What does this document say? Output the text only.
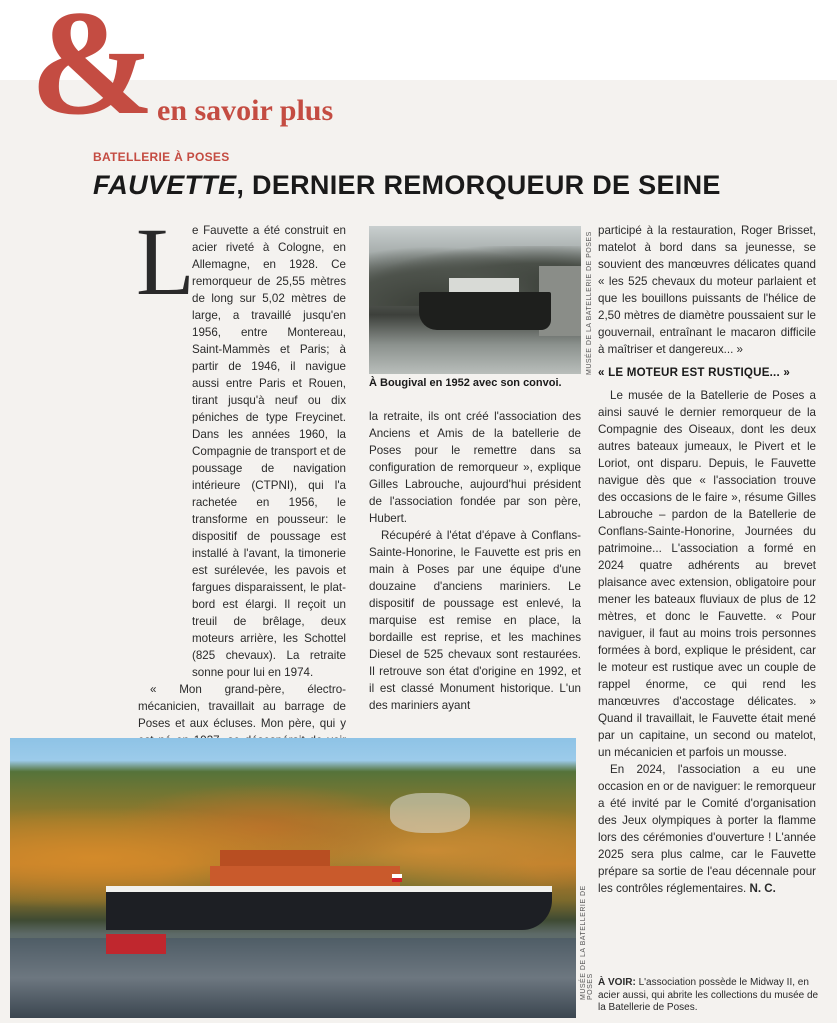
& en savoir plus
BATELLERIE À POSES
FAUVETTE, DERNIER REMORQUEUR DE SEINE
L

e Fauvette a été construit en acier riveté à Cologne, en Allemagne, en 1928. Ce remorqueur de 25,55 mètres de long sur 5,02 mètres de large, a travaillé jusqu'en 1956, entre Montereau, Saint-Mammès et Paris; à partir de 1946, il navigue aussi entre Paris et Rouen, tirant jusqu'à neuf ou dix péniches de type Freycinet. Dans les années 1960, la Compagnie de transport et de poussage de navigation intérieure (CTPNI), qui l'a rachetée en 1956, le transforme en pousseur: le dispositif de poussage est installé à l'avant, la timonerie est surélevée, les pavois et fargues disparaissent, le plat-bord est élargi. Il reçoit un treuil de brêlage, deux moteurs arrière, les Schottel (825 chevaux). La retraite sonne pour lui en 1974.

« Mon grand-père, électro-mécanicien, travaillait au barrage de Poses et aux écluses. Mon père, qui y

MUSÉE DE LA BATELLERIE DE POSES
À Bougival en 1952 avec son convoi.

la retraite, ils ont créé l'association des Anciens et Amis de la batellerie de Poses pour le remettre dans sa configuration de remorqueur », explique Gilles Labrouche, aujourd'hui président de l'association fondée par son père, Hubert.

Récupéré à l'état d'épave à Conflans-Sainte-Honorine, le Fauvette est pris en main à Poses par une équipe d'une douzaine d'anciens mariniers. Le dispositif de poussage est enlevé, la marquise est remise en place, la bordaille est reprise, et les machines Diesel de 525 chevaux sont restaurées. Il retrouve son état d'origine en 1992, et il est classé Monument historique. L'un des mariniers ayant

participé à la restauration, Roger Brisset, matelot à bord dans sa jeunesse, se souvient des manœuvres délicates quand « les 525 chevaux du moteur parlaient et que les bouillons puissants de l'hélice de 2,50 mètres de diamètre poussaient sur le gouvernail, entraînant le macaron difficile à maîtriser et dangereux... »

« LE MOTEUR EST RUSTIQUE... »

Le musée de la Batellerie de Poses a ainsi sauvé le dernier remorqueur de la Compagnie des Oiseaux, dont les deux autres bateaux jumeaux, le Pivert et le Loriot, ont disparu. Depuis, le Fauvette navigue dès que « l'association trouve des occasions de le faire », résume Gilles Labrouche – pardon de la Batellerie de Conflans-Sainte-Honorine, Journées du patrimoine... L'association a formé en 2024 quatre adhérents au brevet plaisance avec extension, obligatoire pour mener les bateaux fluviaux de plus de 12 mètres, et donc le Fauvette. « Pour naviguer, il faut au moins trois personnes formées à bord, explique le président, car le moteur est rustique avec un couple de rappel énorme, ce qui rend les manœuvres d'accostage délicates. » Quand il travaillait, le Fauvette était mené par un capitaine, un second ou matelot, un mécanicien et parfois un mousse.

En 2024, l'association a eu une occasion en or de naviguer: le remorqueur a été invité par le Comité d'organisation des Jeux olympiques à porter la flamme lors des cérémonies d'ouverture ! L'année 2025 sera plus calme, car le Fauvette prépare sa sortie de l'eau décennale pour les contrôles réglementaires. N. C.

MUSÉE DE LA BATELLERIE DE POSES À VOIR: L'association possède le Midway II, en acier aussi, qui abrite les collections du musée de la Batellerie de Poses.
